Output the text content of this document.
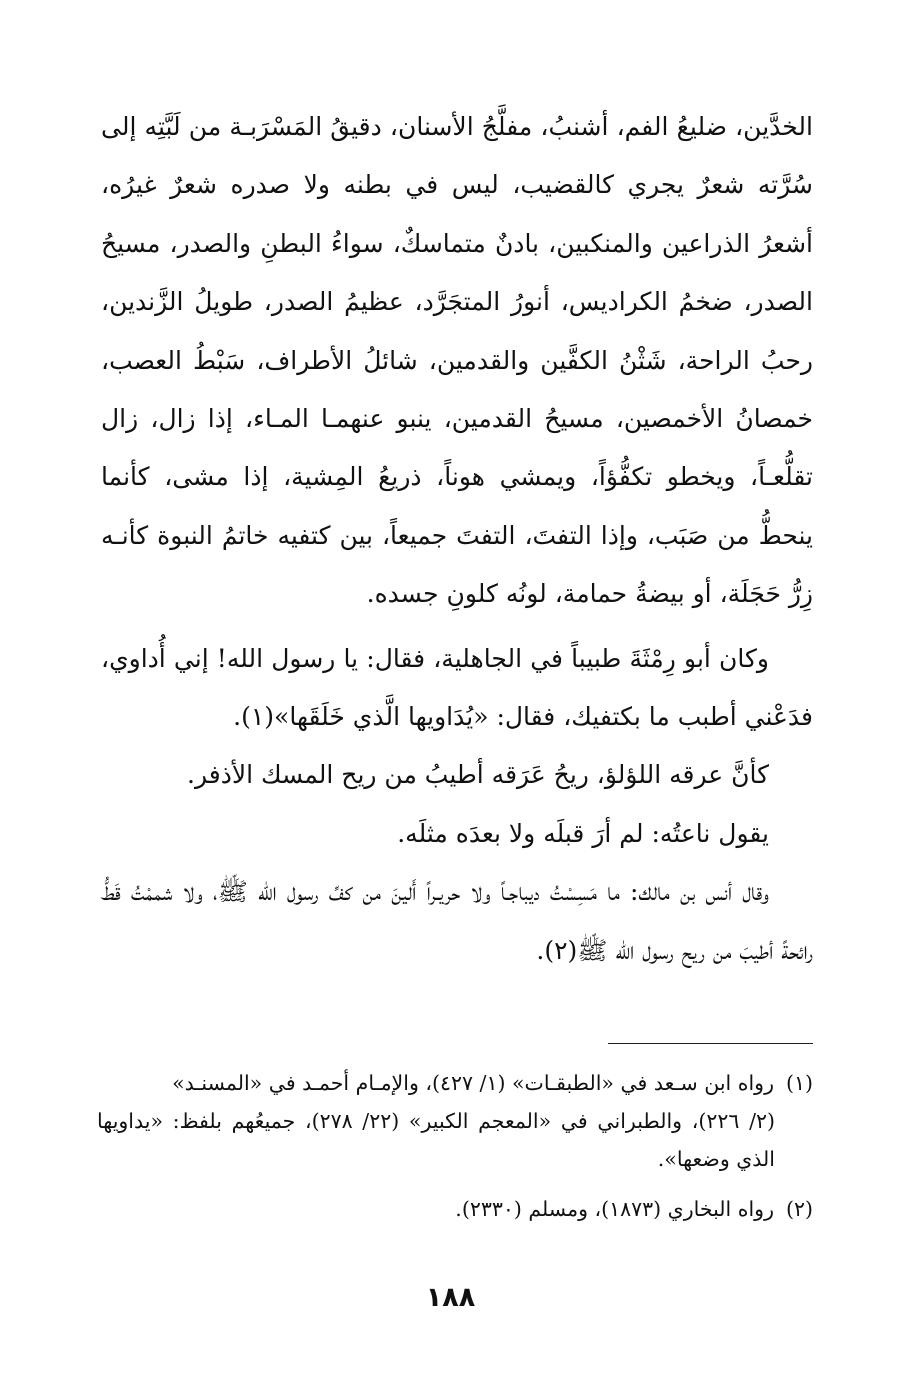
الخدَّين، ضليعُ الفم، أشنبُ، مفلَّجُ الأسنان، دقيقُ المَسْرَبـة من لَبَّتِه إلى سُرَّته شعرٌ يجري كالقضيب، ليس في بطنه ولا صدره شعرٌ غيرُه، أشعرُ الذراعين والمنكبين، بادنٌ متماسكٌ، سواءُ البطنِ والصدر، مسيحُ الصدر، ضخمُ الكراديس، أنورُ المتجَرَّد، عظيمُ الصدر، طويلُ الزَّندين، رحبُ الراحة، شَثْنُ الكفَّين والقدمين، شائلُ الأطراف، سَبْطُ العصب، خمصانُ الأخمصين، مسيحُ القدمين، ينبو عنهمـا المـاء، إذا زال، زال تقلُّعـاً، ويخطو تكفُّؤاً، ويمشي هوناً، ذريعُ المِشية، إذا مشى، كأنما ينحطُّ من صَبَب، وإذا التفتَ، التفتَ جميعاً، بين كتفيه خاتمُ النبوة كأنـه زِرُّ حَجَلَة، أو بيضةُ حمامة، لونُه كلونِ جسده.

وكان أبو رِمْثَةَ طبيباً في الجاهلية، فقال: يا رسول الله! إني أُداوي، فدَعْني أطبب ما بكتفيك، فقال: «يُدَاويها الَّذي خَلَقَها»(١).

كأنَّ عرقه اللؤلؤ، ريحُ عَرَقه أطيبُ من ريح المسك الأذفر.

يقول ناعتُه: لم أرَ قبلَه ولا بعدَه مثلَه.

وقال أنس بن مالك: ما مَسِسْتُ ديباجـاً ولا حريـراً أَلينَ من كفِّ رسول الله ﷺ، ولا شممْتُ قَطُّ رائحةً أطيبَ من ريح رسول الله ﷺ(٢).

(١)رواه ابن سـعد في «الطبقـات» (١/ ٤٢٧)، والإمـام أحمـد في «المسنـد»
(٢/ ٢٢٦)، والطبراني في «المعجم الكبير» (٢٢/ ٢٧٨)، جميعُهم بلفظ: «يداويها الذي وضعها».
(٢)رواه البخاري (١٨٧٣)، ومسلم (٢٣٣٠).
١٨٨
